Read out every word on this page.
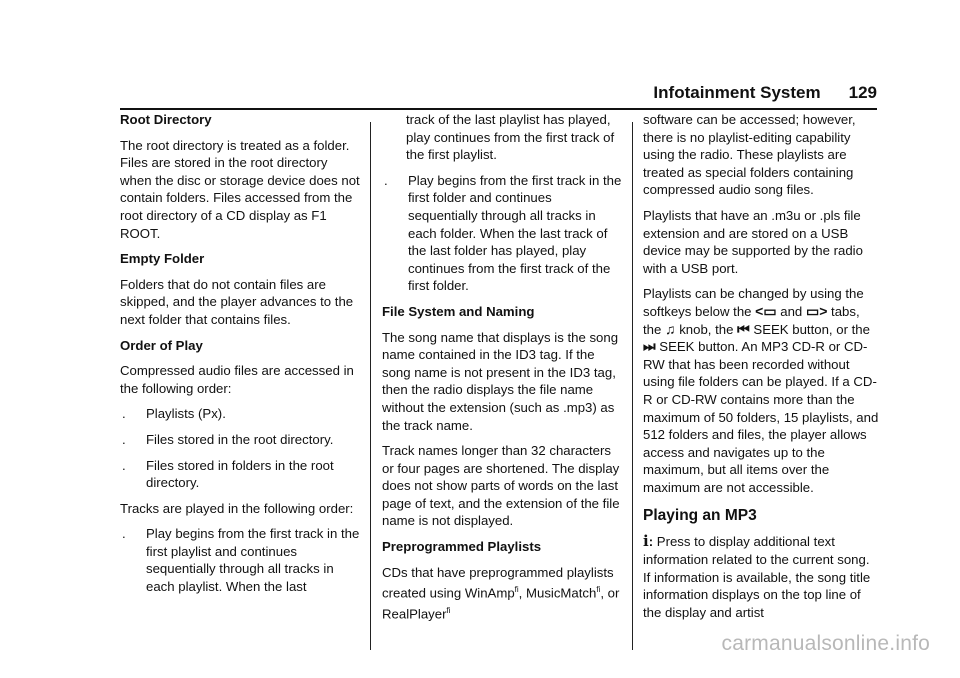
Infotainment System 129
Root Directory

The root directory is treated as a folder. Files are stored in the root directory when the disc or storage device does not contain folders. Files accessed from the root directory of a CD display as F1 ROOT.

Empty Folder

Folders that do not contain files are skipped, and the player advances to the next folder that contains files.

Order of Play

Compressed audio files are accessed in the following order:

.	Playlists (Px).
.	Files stored in the root directory.
.	Files stored in folders in the root directory.

Tracks are played in the following order:

.	Play begins from the first track in the first playlist and continues sequentially through all tracks in each playlist. When the last
track of the last playlist has played, play continues from the first track of the first playlist.
.	Play begins from the first track in the first folder and continues sequentially through all tracks in each folder. When the last track of the last folder has played, play continues from the first track of the first folder.
File System and Naming

The song name that displays is the song name contained in the ID3 tag. If the song name is not present in the ID3 tag, then the radio displays the file name without the extension (such as .mp3) as the track name.

Track names longer than 32 characters or four pages are shortened. The display does not show parts of words on the last page of text, and the extension of the file name is not displayed.

Preprogrammed Playlists

CDs that have preprogrammed playlists created using WinAmp$^{fi}$, MusicMatch$^{fi}$, or RealPlayer$^{fi}$

software can be accessed; however, there is no playlist-editing capability using the radio. These playlists are treated as special folders containing compressed audio song files.

Playlists that have an .m3u or .pls file extension and are stored on a USB device may be supported by the radio with a USB port.

Playlists can be changed by using the softkeys below the <▭ and ▭> tabs, the ♫ knob, the ⏮ SEEK button, or the ⏭ SEEK button. An MP3 CD-R or CD-RW that has been recorded without using file folders can be played. If a CD-R or CD-RW contains more than the maximum of 50 folders, 15 playlists, and 512 folders and files, the player allows access and navigates up to the maximum, but all items over the maximum are not accessible.

Playing an MP3

i: Press to display additional text information related to the current song. If information is available, the song title information displays on the top line of the display and artist

carmanualsonline.info
